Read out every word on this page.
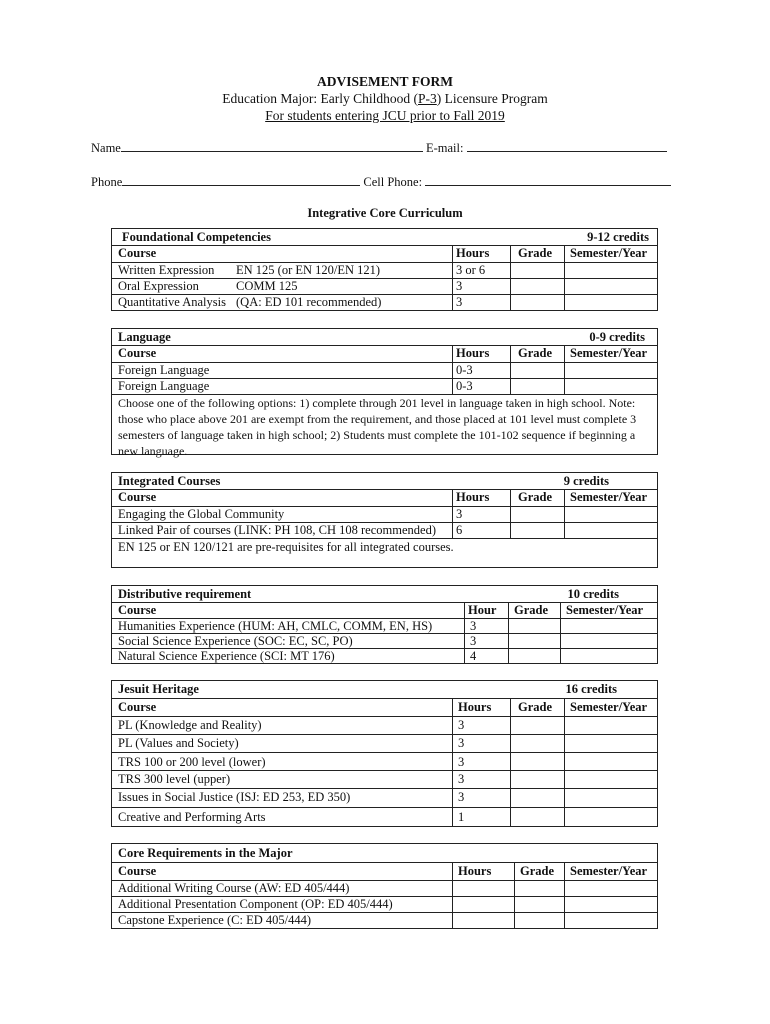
ADVISEMENT FORM
Education Major: Early Childhood (P-3) Licensure Program
For students entering JCU prior to Fall 2019
Name	E-mail:
Phone	Cell Phone:
Integrative Core Curriculum
Foundational Competencies	9-12 credits
Course	Hours	Grade	Semester/Year
Written Expression	EN 125 (or EN 120/EN 121)	3 or 6
Oral Expression	COMM 125	3
Quantitative Analysis (QA: ED 101 recommended)	3
Language	0-9 credits
Course	Hours	Grade	Semester/Year
Foreign Language	0-3
Foreign Language	0-3
Choose one of the following options: 1) complete through 201 level in language taken in high school. Note: those who place above 201 are exempt from the requirement, and those placed at 101 level must complete 3 semesters of language taken in high school; 2) Students must complete the 101-102 sequence if beginning a new language.
Integrated Courses	9 credits
Course	Hours	Grade	Semester/Year
Engaging the Global Community	3
Linked Pair of courses (LINK: PH 108, CH 108 recommended)	6
EN 125 or EN 120/121 are pre-requisites for all integrated courses.
Distributive requirement	10 credits
Course	Hour	Grade	Semester/Year
Humanities Experience (HUM: AH, CMLC, COMM, EN, HS)	3
Social Science Experience (SOC: EC, SC, PO)	3
Natural Science Experience (SCI: MT 176)	4
Jesuit Heritage	16 credits
Course	Hours	Grade	Semester/Year
PL (Knowledge and Reality)	3
PL (Values and Society)	3
TRS 100 or 200 level (lower)	3
TRS 300 level (upper)	3
Issues in Social Justice (ISJ: ED 253, ED 350)	3
Creative and Performing Arts	1
Core Requirements in the Major
Course	Hours	Grade	Semester/Year
Additional Writing Course (AW: ED 405/444)
Additional Presentation Component (OP: ED 405/444)
Capstone Experience (C: ED 405/444)
